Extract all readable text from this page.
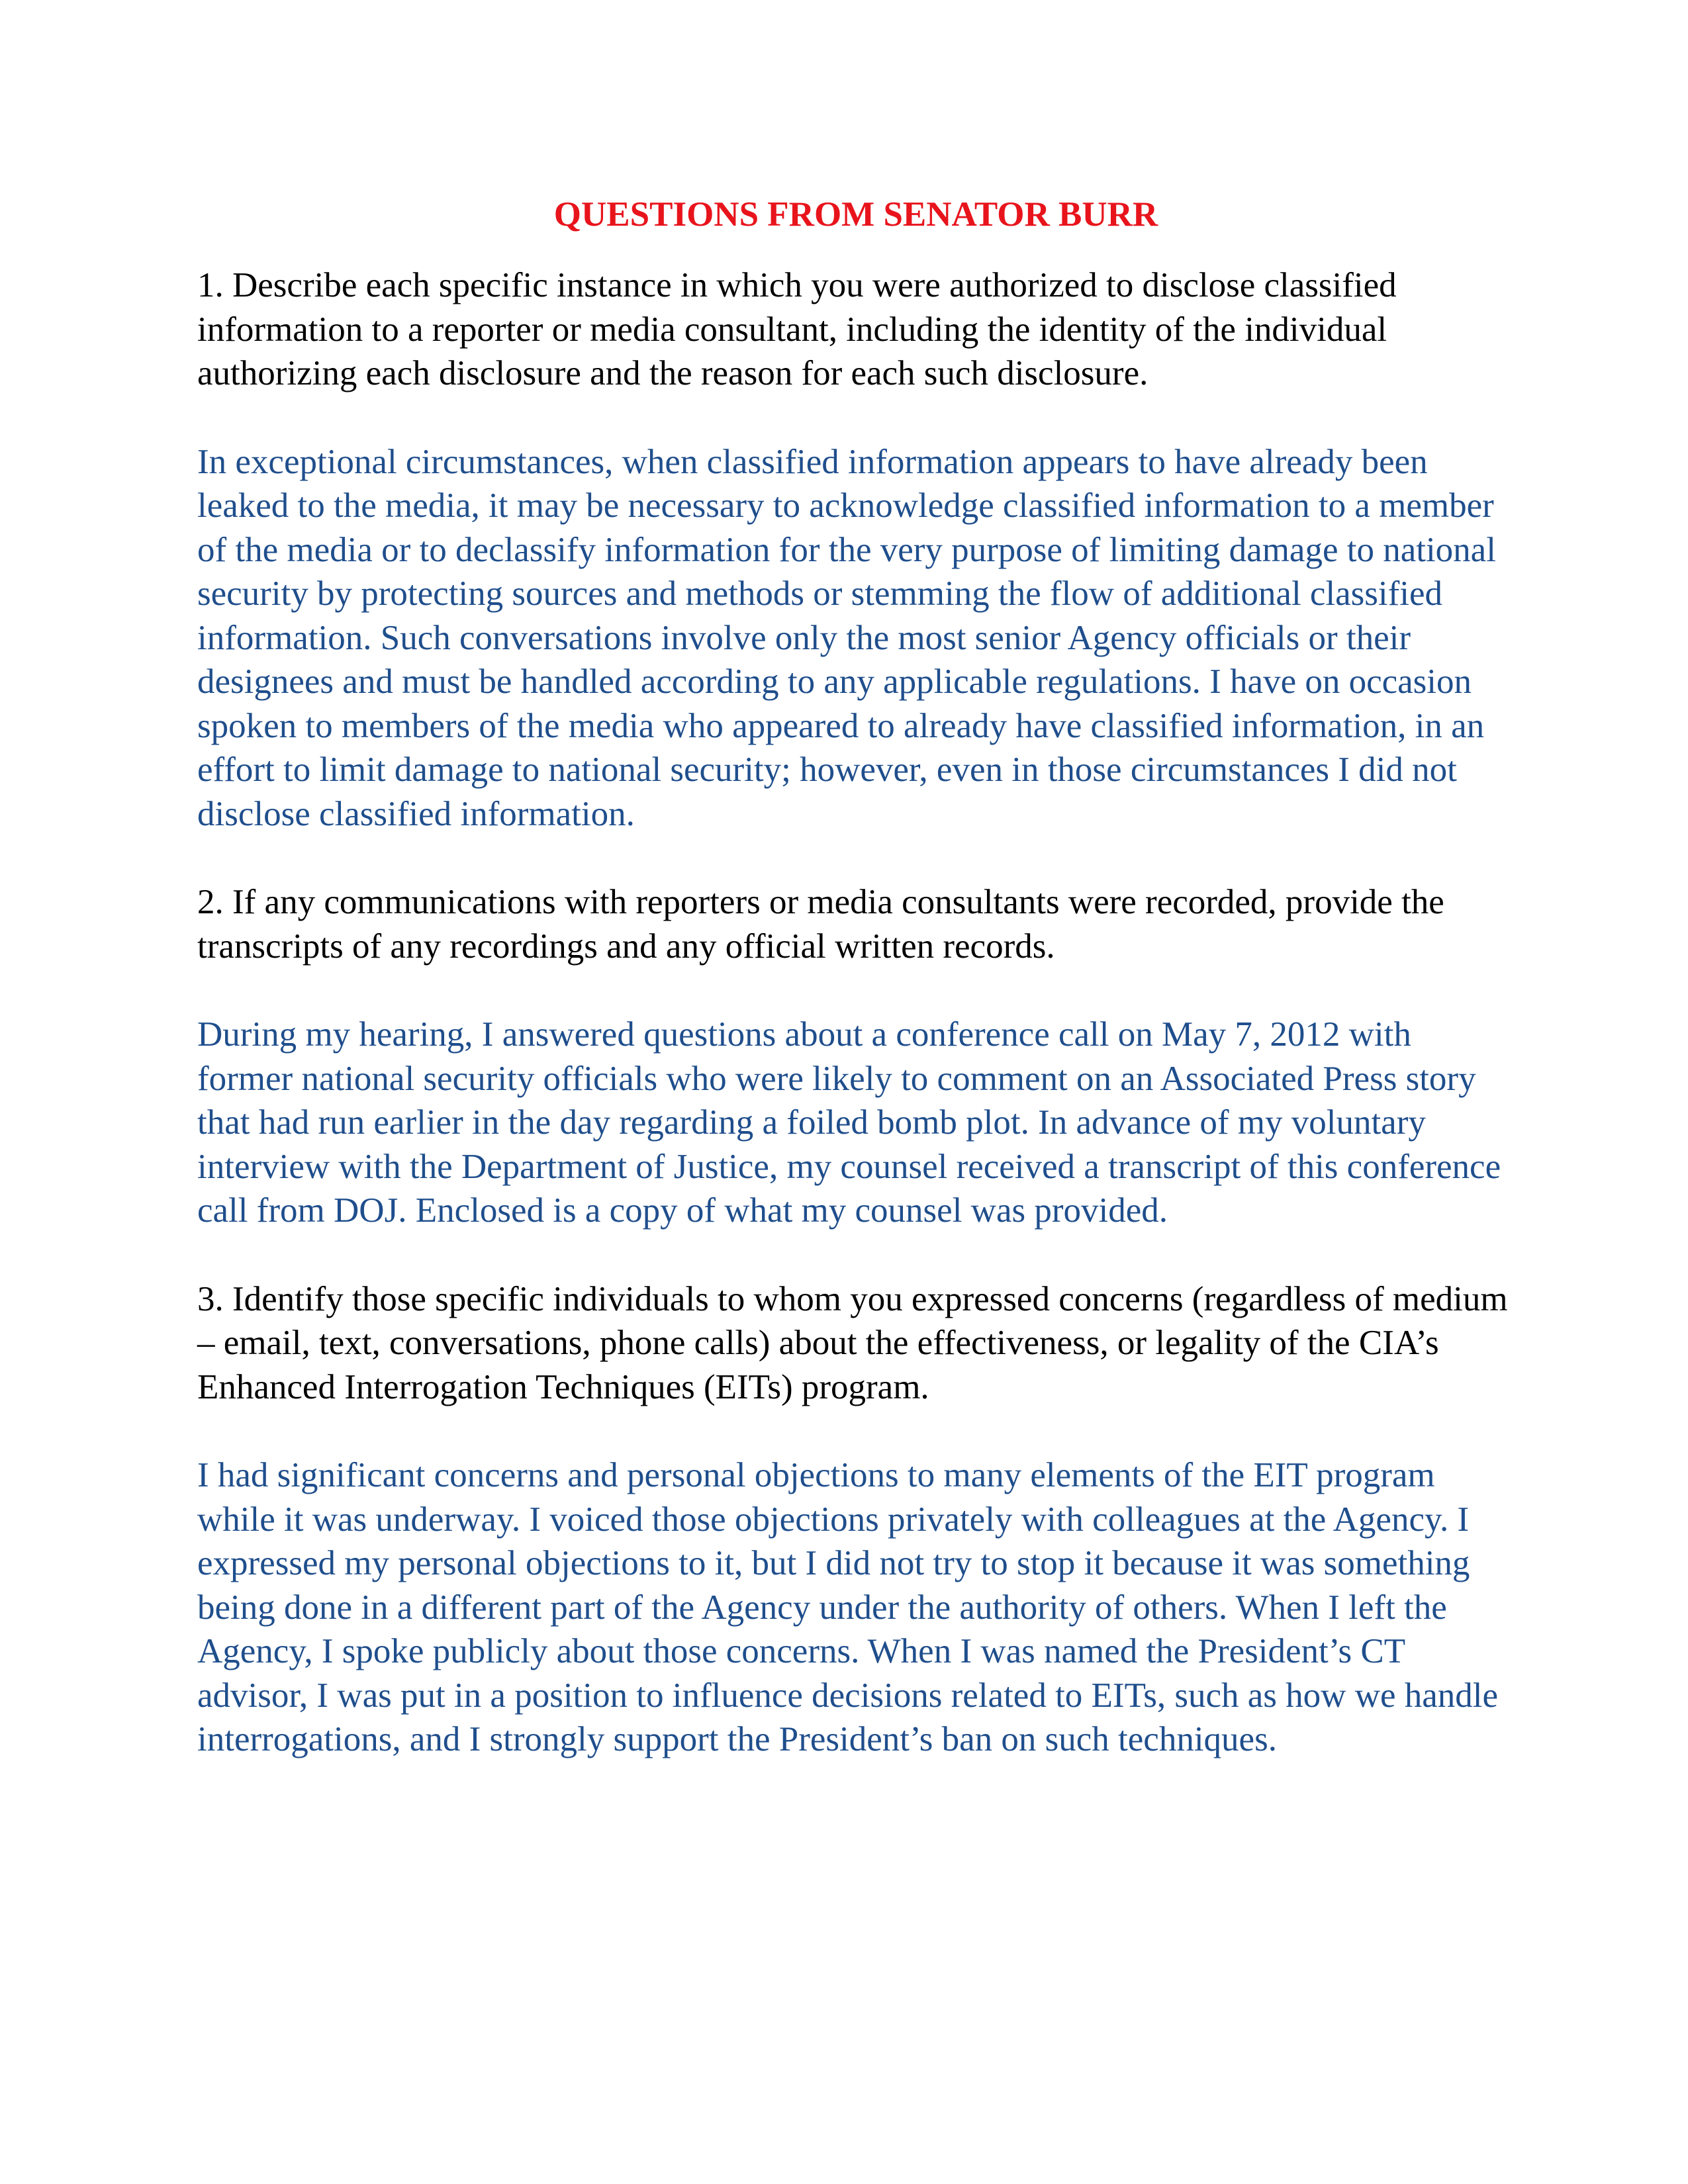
QUESTIONS FROM SENATOR BURR

1. Describe each specific instance in which you were authorized to disclose classified information to a reporter or media consultant, including the identity of the individual authorizing each disclosure and the reason for each such disclosure.

In exceptional circumstances, when classified information appears to have already been leaked to the media, it may be necessary to acknowledge classified information to a member of the media or to declassify information for the very purpose of limiting damage to national security by protecting sources and methods or stemming the flow of additional classified information. Such conversations involve only the most senior Agency officials or their designees and must be handled according to any applicable regulations. I have on occasion spoken to members of the media who appeared to already have classified information, in an effort to limit damage to national security; however, even in those circumstances I did not disclose classified information.

2. If any communications with reporters or media consultants were recorded, provide the transcripts of any recordings and any official written records.

During my hearing, I answered questions about a conference call on May 7, 2012 with former national security officials who were likely to comment on an Associated Press story that had run earlier in the day regarding a foiled bomb plot. In advance of my voluntary interview with the Department of Justice, my counsel received a transcript of this conference call from DOJ. Enclosed is a copy of what my counsel was provided.

3. Identify those specific individuals to whom you expressed concerns (regardless of medium – email, text, conversations, phone calls) about the effectiveness, or legality of the CIA’s Enhanced Interrogation Techniques (EITs) program.

I had significant concerns and personal objections to many elements of the EIT program while it was underway. I voiced those objections privately with colleagues at the Agency. I expressed my personal objections to it, but I did not try to stop it because it was something being done in a different part of the Agency under the authority of others. When I left the Agency, I spoke publicly about those concerns. When I was named the President’s CT advisor, I was put in a position to influence decisions related to EITs, such as how we handle interrogations, and I strongly support the President’s ban on such techniques.
